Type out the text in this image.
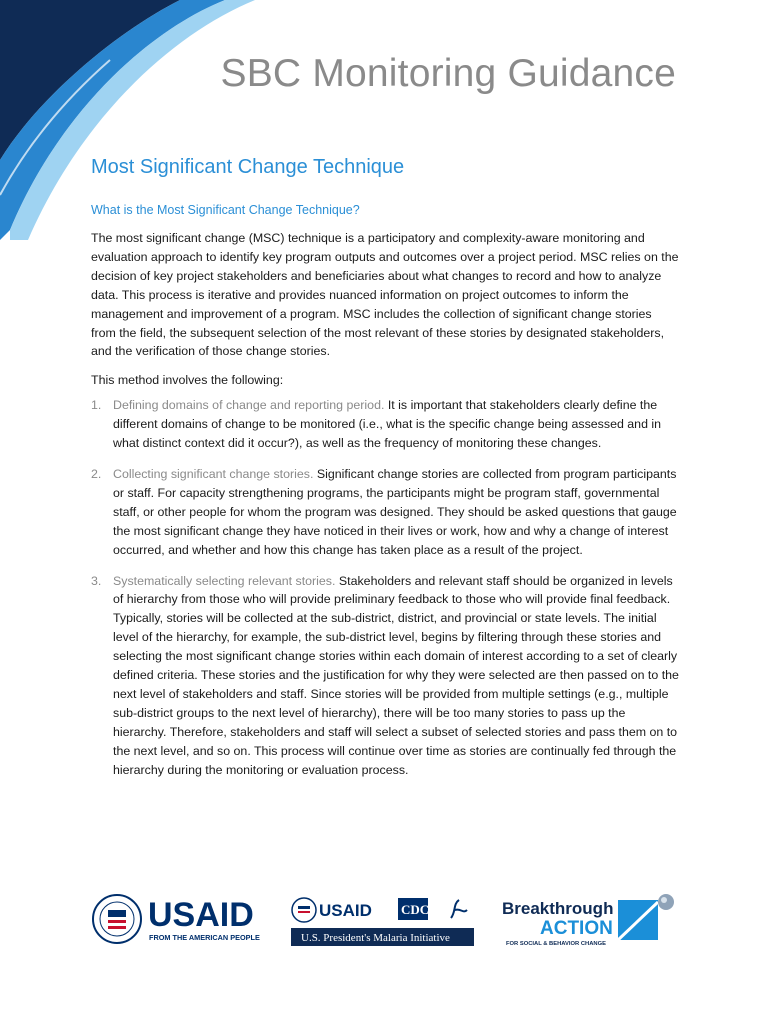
SBC Monitoring Guidance
Most Significant Change Technique
What is the Most Significant Change Technique?

The most significant change (MSC) technique is a participatory and complexity-aware monitoring and evaluation approach to identify key program outputs and outcomes over a project period. MSC relies on the decision of key project stakeholders and beneficiaries about what changes to record and how to analyze data. This process is iterative and provides nuanced information on project outcomes to inform the management and improvement of a program. MSC includes the collection of significant change stories from the field, the subsequent selection of the most relevant of these stories by designated stakeholders, and the verification of those change stories.

This method involves the following:

1. Defining domains of change and reporting period. It is important that stakeholders clearly define the different domains of change to be monitored (i.e., what is the specific change being assessed and in what distinct context did it occur?), as well as the frequency of monitoring these changes.
2. Collecting significant change stories. Significant change stories are collected from program participants or staff. For capacity strengthening programs, the participants might be program staff, governmental staff, or other people for whom the program was designed. They should be asked questions that gauge the most significant change they have noticed in their lives or work, how and why a change of interest occurred, and whether and how this change has taken place as a result of the project.
3. Systematically selecting relevant stories. Stakeholders and relevant staff should be organized in levels of hierarchy from those who will provide preliminary feedback to those who will provide final feedback. Typically, stories will be collected at the sub-district, district, and provincial or state levels. The initial level of the hierarchy, for example, the sub-district level, begins by filtering through these stories and selecting the most significant change stories within each domain of interest according to a set of clearly defined criteria. These stories and the justification for why they were selected are then passed on to the next level of stakeholders and staff. Since stories will be provided from multiple settings (e.g., multiple sub-district groups to the next level of hierarchy), there will be too many stories to pass up the hierarchy. Therefore, stakeholders and staff will select a subset of selected stories and pass them on to the next level, and so on. This process will continue over time as stories are continually fed through the hierarchy during the monitoring or evaluation process.
USAID
FROM THE AMERICAN PEOPLE
USAID CDC
U.S. President's Malaria Initiative
Breakthrough
ACTION
FOR SOCIAL & BEHAVIOR CHANGE
